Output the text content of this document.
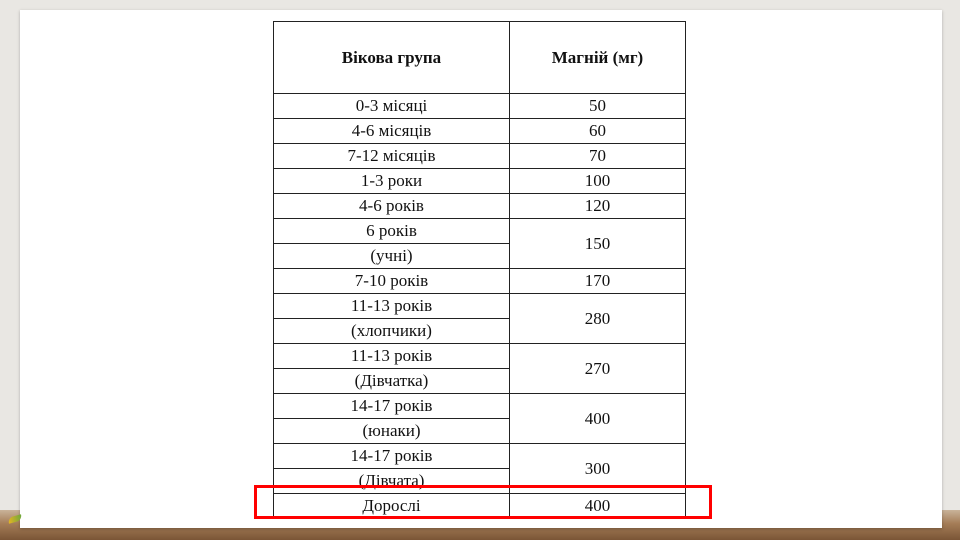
Вікова група	Магній (мг)
0-3 місяці	50
4-6 місяців	60
7-12 місяців	70
1-3 роки	100
4-6 років	120
6 років	150
(учні)	
7-10 років	170
11-13 років	280
(хлопчики)	
11-13 років	270
(Дівчатка)	
14-17 років	400
(юнаки)	
14-17 років	300

(Дівчата)	

Дорослі	400
